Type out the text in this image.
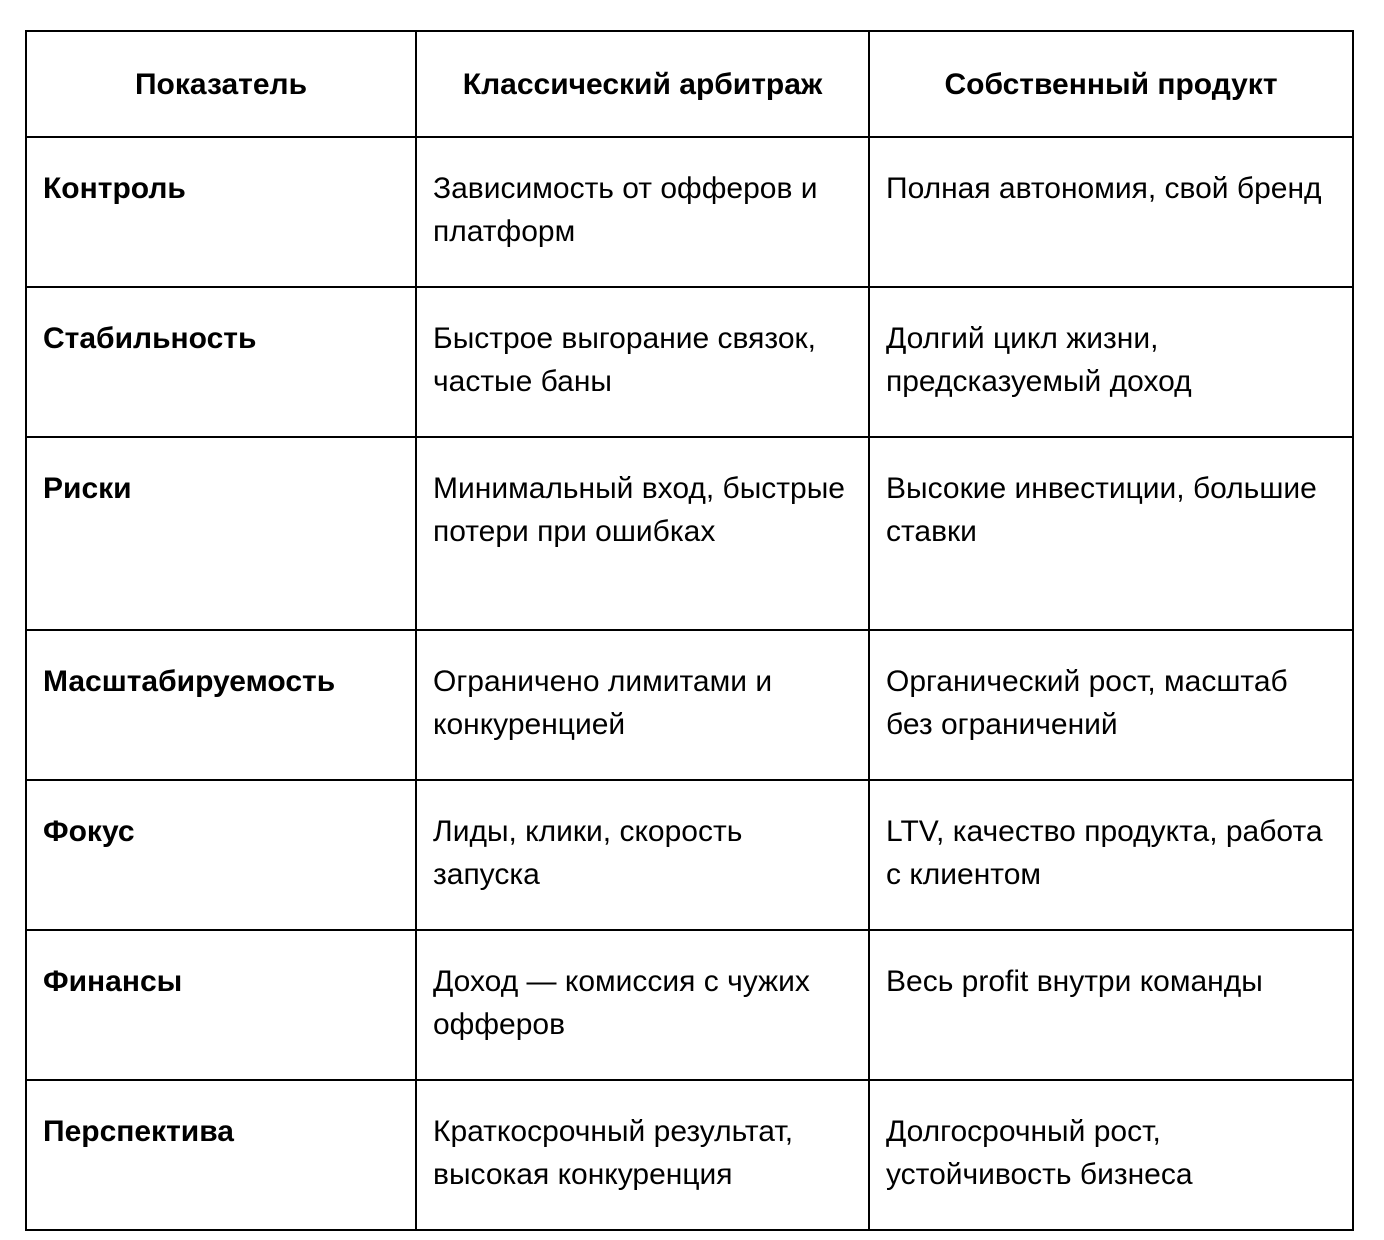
Показатель	Классический арбитраж	Собственный продукт
Контроль	Зависимость от офферов и платформ	Полная автономия, свой бренд
Стабильность	Быстрое выгорание связок, частые баны	Долгий цикл жизни, предсказуемый доход
Риски	Минимальный вход, быстрые потери при ошибках	Высокие инвестиции, большие ставки
Масштабируемость	Ограничено лимитами и конкуренцией	Органический рост, масштаб без ограничений
Фокус	Лиды, клики, скорость запуска	LTV, качество продукта, работа с клиентом
Финансы	Доход — комиссия с чужих офферов	Весь profit внутри команды
Перспектива	Краткосрочный результат, высокая конкуренция	Долгосрочный рост, устойчивость бизнеса
